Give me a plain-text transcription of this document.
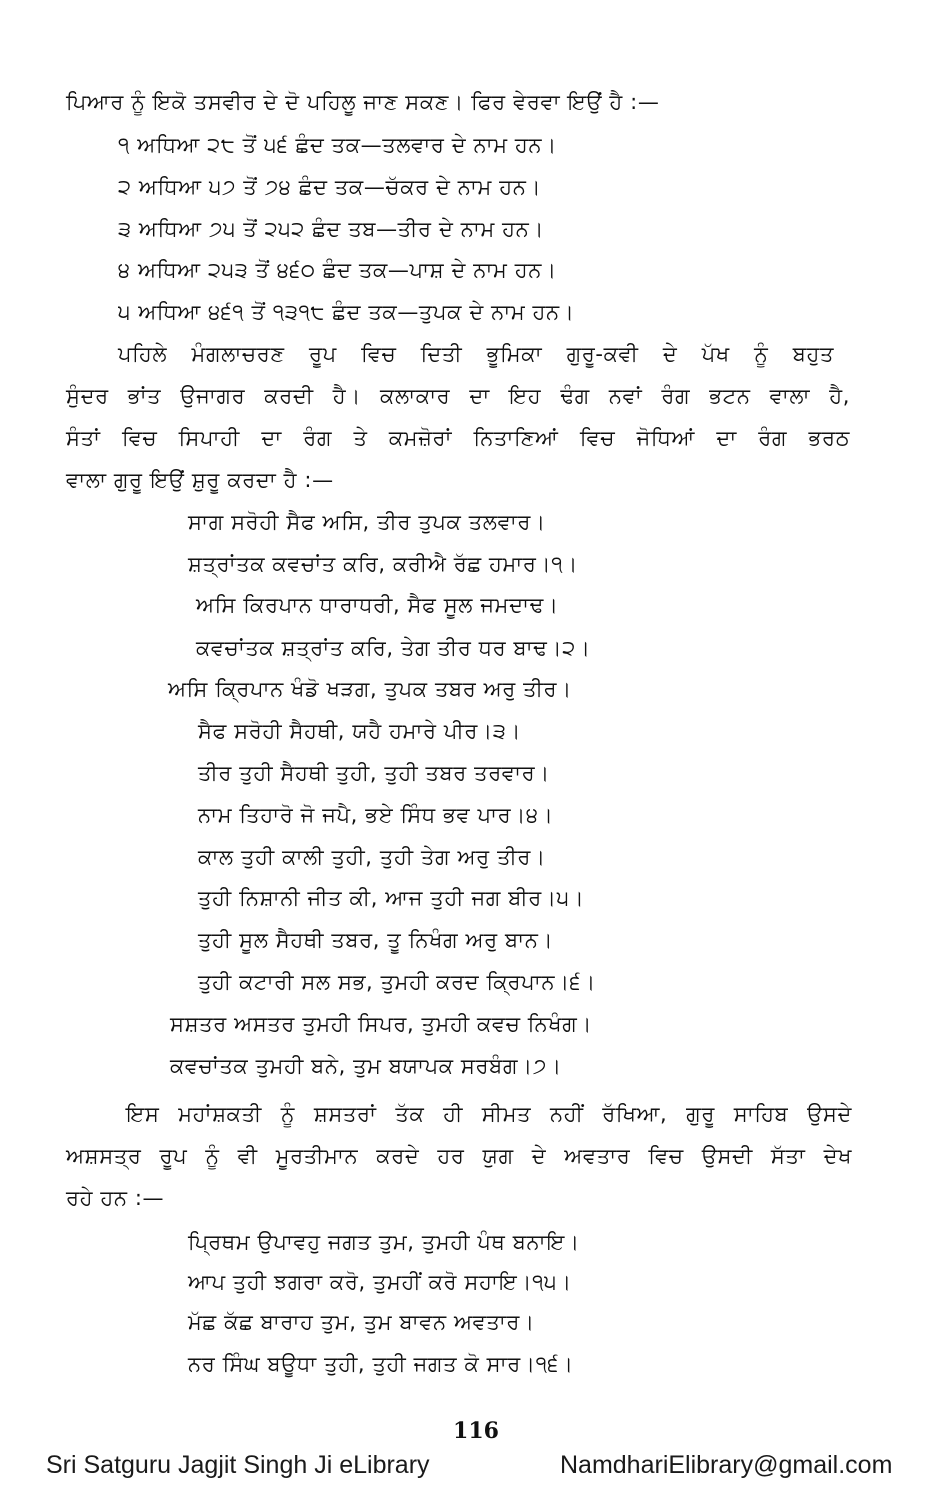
ਪਿਆਰ ਨੂੰ ਇਕੋ ਤਸਵੀਰ ਦੇ ਦੋ ਪਹਿਲੂ ਜਾਣ ਸਕਣ। ਫਿਰ ਵੇਰਵਾ ਇਉਂ ਹੈ :—
੧ ਅਧਿਆ ੨੮ ਤੋਂ ੫੬ ਛੰਦ ਤਕ—ਤਲਵਾਰ ਦੇ ਨਾਮ ਹਨ।
੨ ਅਧਿਆ ੫੭ ਤੋਂ ੭੪ ਛੰਦ ਤਕ—ਚੱਕਰ ਦੇ ਨਾਮ ਹਨ।
੩ ਅਧਿਆ ੭੫ ਤੋਂ ੨੫੨ ਛੰਦ ਤਬ—ਤੀਰ ਦੇ ਨਾਮ ਹਨ।
੪ ਅਧਿਆ ੨੫੩ ਤੋਂ ੪੬੦ ਛੰਦ ਤਕ—ਪਾਸ਼ ਦੇ ਨਾਮ ਹਨ।
੫ ਅਧਿਆ ੪੬੧ ਤੋਂ ੧੩੧੮ ਛੰਦ ਤਕ—ਤੁਪਕ ਦੇ ਨਾਮ ਹਨ।
ਪਹਿਲੇ ਮੰਗਲਾਚਰਣ ਰੂਪ ਵਿਚ ਦਿਤੀ ਭੂਮਿਕਾ ਗੁਰੂ-ਕਵੀ ਦੇ ਪੱਖ ਨੂੰ ਬਹੁਤ
ਸੁੰਦਰ ਭਾਂਤ ਉਜਾਗਰ ਕਰਦੀ ਹੈ। ਕਲਾਕਾਰ ਦਾ ਇਹ ਢੰਗ ਨਵਾਂ ਰੰਗ ਭਟਨ ਵਾਲਾ ਹੈ,
ਸੰਤਾਂ ਵਿਚ ਸਿਪਾਹੀ ਦਾ ਰੰਗ ਤੇ ਕਮਜ਼ੋਰਾਂ ਨਿਤਾਣਿਆਂ ਵਿਚ ਜੋਧਿਆਂ ਦਾ ਰੰਗ ਭਰਠ
ਵਾਲਾ ਗੁਰੂ ਇਉਂ ਸ਼ੁਰੂ ਕਰਦਾ ਹੈ :—
ਸਾਗ ਸਰੋਹੀ ਸੈਫ ਅਸਿ, ਤੀਰ ਤੁਪਕ ਤਲਵਾਰ।
ਸ਼ਤ੍ਰਾਂਤਕ ਕਵਚਾਂਤ ਕਰਿ, ਕਰੀਐ ਰੱਛ ਹਮਾਰ।੧।
ਅਸਿ ਕਿਰਪਾਨ ਧਾਰਾਧਰੀ, ਸੈਫ ਸੂਲ ਜਮਦਾਢ।
ਕਵਚਾਂਤਕ ਸ਼ਤ੍ਰਾਂਤ ਕਰਿ, ਤੇਗ ਤੀਰ ਧਰ ਬਾਢ।੨।
ਅਸਿ ਕ੍ਰਿਪਾਨ ਖੰਡੋ ਖੜਗ, ਤੁਪਕ ਤਬਰ ਅਰੁ ਤੀਰ।
ਸੈਫ ਸਰੋਹੀ ਸੈਹਥੀ, ਯਹੈ ਹਮਾਰੇ ਪੀਰ।੩।
ਤੀਰ ਤੁਹੀ ਸੈਹਥੀ ਤੁਹੀ, ਤੁਹੀ ਤਬਰ ਤਰਵਾਰ।
ਨਾਮ ਤਿਹਾਰੋ ਜੋ ਜਪੈ, ਭਏ ਸਿੰਧ ਭਵ ਪਾਰ।੪।
ਕਾਲ ਤੁਹੀ ਕਾਲੀ ਤੁਹੀ, ਤੁਹੀ ਤੇਗ ਅਰੁ ਤੀਰ।
ਤੁਹੀ ਨਿਸ਼ਾਨੀ ਜੀਤ ਕੀ, ਆਜ ਤੁਹੀ ਜਗ ਬੀਰ।੫।
ਤੁਹੀ ਸੂਲ ਸੈਹਥੀ ਤਬਰ, ਤੂ ਨਿਖੰਗ ਅਰੁ ਬਾਨ।
ਤੁਹੀ ਕਟਾਰੀ ਸਲ ਸਭ, ਤੁਮਹੀ ਕਰਦ ਕ੍ਰਿਪਾਨ।੬।
ਸਸ਼ਤਰ ਅਸਤਰ ਤੁਮਹੀ ਸਿਪਰ, ਤੁਮਹੀ ਕਵਚ ਨਿਖੰਗ।
ਕਵਚਾਂਤਕ ਤੁਮਹੀ ਬਨੇ, ਤੁਮ ਬਯਾਪਕ ਸਰਬੰਗ।੭।
ਇਸ ਮਹਾਂਸ਼ਕਤੀ ਨੂੰ ਸ਼ਸਤਰਾਂ ਤੱਕ ਹੀ ਸੀਮਤ ਨਹੀਂ ਰੱਖਿਆ, ਗੁਰੂ ਸਾਹਿਬ ਉਸਦੇ
ਅਸ਼ਸਤ੍ਰ ਰੂਪ ਨੂੰ ਵੀ ਮੂਰਤੀਮਾਨ ਕਰਦੇ ਹਰ ਯੁਗ ਦੇ ਅਵਤਾਰ ਵਿਚ ਉਸਦੀ ਸੱਤਾ ਦੇਖ
ਰਹੇ ਹਨ :—
ਪ੍ਰਿਥਮ ਉਪਾਵਹੁ ਜਗਤ ਤੁਮ, ਤੁਮਹੀ ਪੰਥ ਬਨਾਇ।
ਆਪ ਤੁਹੀ ਝਗਰਾ ਕਰੋ, ਤੁਮਹੀਂ ਕਰੋ ਸਹਾਇ।੧੫।
ਮੱਛ ਕੱਛ ਬਾਰਾਹ ਤੁਮ, ਤੁਮ ਬਾਵਨ ਅਵਤਾਰ।
ਨਰ ਸਿੰਘ ਬਊਧਾ ਤੁਹੀ, ਤੁਹੀ ਜਗਤ ਕੋ ਸਾਰ।੧੬।
116
Sri Satguru Jagjit Singh Ji eLibrary	NamdhariElibrary@gmail.com
